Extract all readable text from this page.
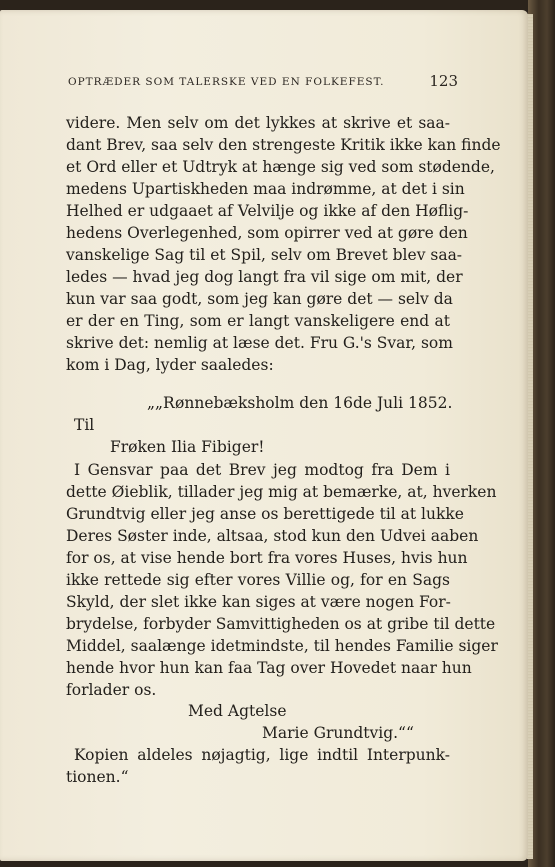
OPTRÆDER SOM TALERSKE VED EN FOLKEFEST.	123
videre. Men selv om det lykkes at skrive et saa-
dant Brev, saa selv den strengeste Kritik ikke kan finde
et Ord eller et Udtryk at hænge sig ved som stødende,
medens Upartiskheden maa indrømme, at det i sin
Helhed er udgaaet af Velvilje og ikke af den Høflig-
hedens Overlegenhed, som opirrer ved at gøre den
vanskelige Sag til et Spil, selv om Brevet blev saa-
ledes — hvad jeg dog langt fra vil sige om mit, der
kun var saa godt, som jeg kan gøre det — selv da
er der en Ting, som er langt vanskeligere end at
skrive det: nemlig at læse det. Fru G.'s Svar, som
kom i Dag, lyder saaledes:
„„Rønnebæksholm den 16de Juli 1852.
Til
Frøken Ilia Fibiger!
I Gensvar paa det Brev jeg modtog fra Dem i
dette Øieblik, tillader jeg mig at bemærke, at, hverken
Grundtvig eller jeg anse os berettigede til at lukke
Deres Søster inde, altsaa, stod kun den Udvei aaben
for os, at vise hende bort fra vores Huses, hvis hun
ikke rettede sig efter vores Villie og, for en Sags
Skyld, der slet ikke kan siges at være nogen For-
brydelse, forbyder Samvittigheden os at gribe til dette
Middel, saalænge idetmindste, til hendes Familie siger
hende hvor hun kan faa Tag over Hovedet naar hun
forlader os.
Med Agtelse
Marie Grundtvig.““
Kopien aldeles nøjagtig, lige indtil Interpunk-
tionen.“
